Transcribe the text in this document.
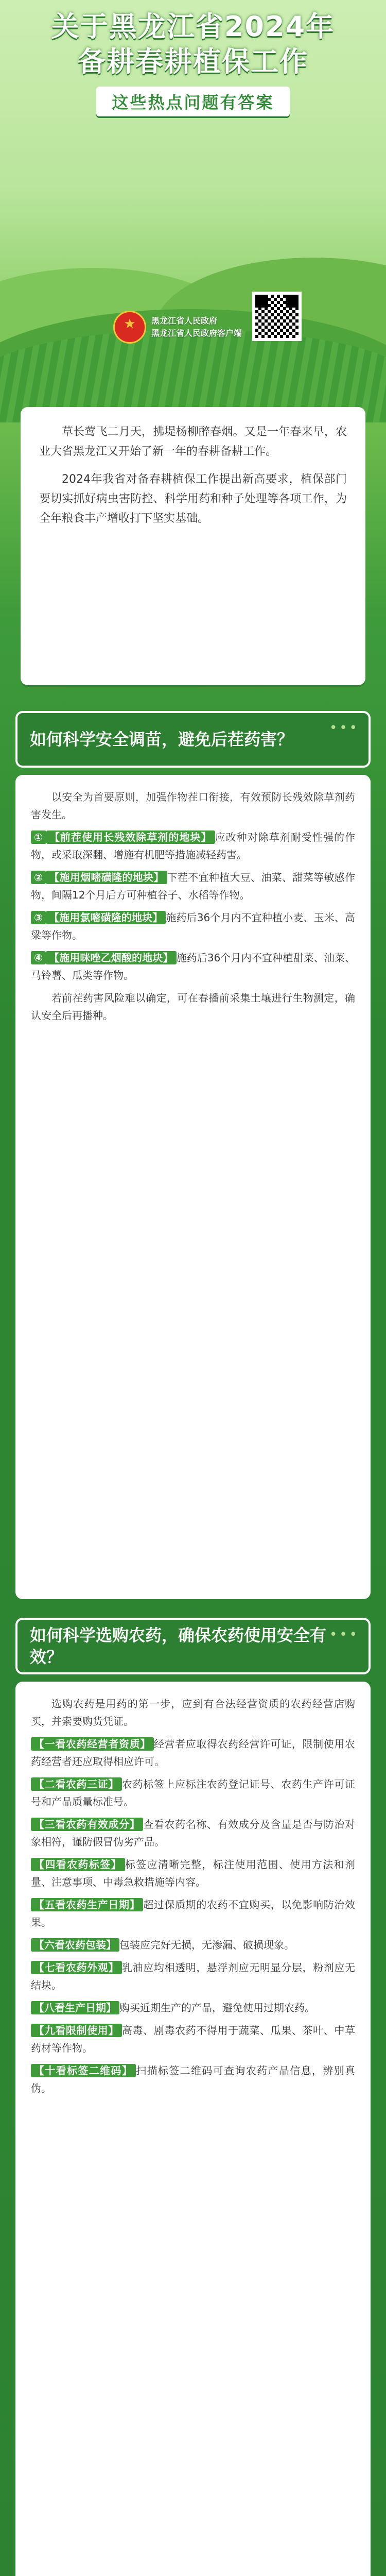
关于黑龙江省2024年
备耕春耕植保工作
这些热点问题有答案
★
黑龙江省人民政府
黑龙江省人民政府客户端

草长莺飞二月天，拂堤杨柳醉春烟。又是一年春来早，农业大省黑龙江又开始了新一年的春耕备耕工作。

2024年我省对备春耕植保工作提出新高要求，植保部门要切实抓好病虫害防控、科学用药和种子处理等各项工作，为全年粮食丰产增收打下坚实基础。

如何科学安全调苗，避免后茬药害？
•••

以安全为首要原则，加强作物茬口衔接，有效预防长残效除草剂药害发生。

① 【前茬使用长残效除草剂的地块】 应改种对除草剂耐受性强的作物，或采取深翻、增施有机肥等措施减轻药害。

② 【施用烟嘧磺隆的地块】 下茬不宜种植大豆、油菜、甜菜等敏感作物，间隔12个月后方可种植谷子、水稻等作物。

③ 【施用氯嘧磺隆的地块】 施药后36个月内不宜种植小麦、玉米、高粱等作物。

④ 【施用咪唑乙烟酸的地块】 施药后36个月内不宜种植甜菜、油菜、马铃薯、瓜类等作物。

若前茬药害风险难以确定，可在春播前采集土壤进行生物测定，确认安全后再播种。

如何科学选购农药，确保农药使用安全有效？
•••

选购农药是用药的第一步，应到有合法经营资质的农药经营店购买，并索要购货凭证。

【一看农药经营者资质】 经营者应取得农药经营许可证，限制使用农药经营者还应取得相应许可。

【二看农药三证】 农药标签上应标注农药登记证号、农药生产许可证号和产品质量标准号。

【三看农药有效成分】 查看农药名称、有效成分及含量是否与防治对象相符，谨防假冒伪劣产品。

【四看农药标签】 标签应清晰完整，标注使用范围、使用方法和剂量、注意事项、中毒急救措施等内容。

【五看农药生产日期】 超过保质期的农药不宜购买，以免影响防治效果。

【六看农药包装】 包装应完好无损，无渗漏、破损现象。

【七看农药外观】 乳油应均相透明，悬浮剂应无明显分层，粉剂应无结块。

【八看生产日期】 购买近期生产的产品，避免使用过期农药。

【九看限制使用】 高毒、剧毒农药不得用于蔬菜、瓜果、茶叶、中草药材等作物。

【十看标签二维码】 扫描标签二维码可查询农药产品信息，辨别真伪。
